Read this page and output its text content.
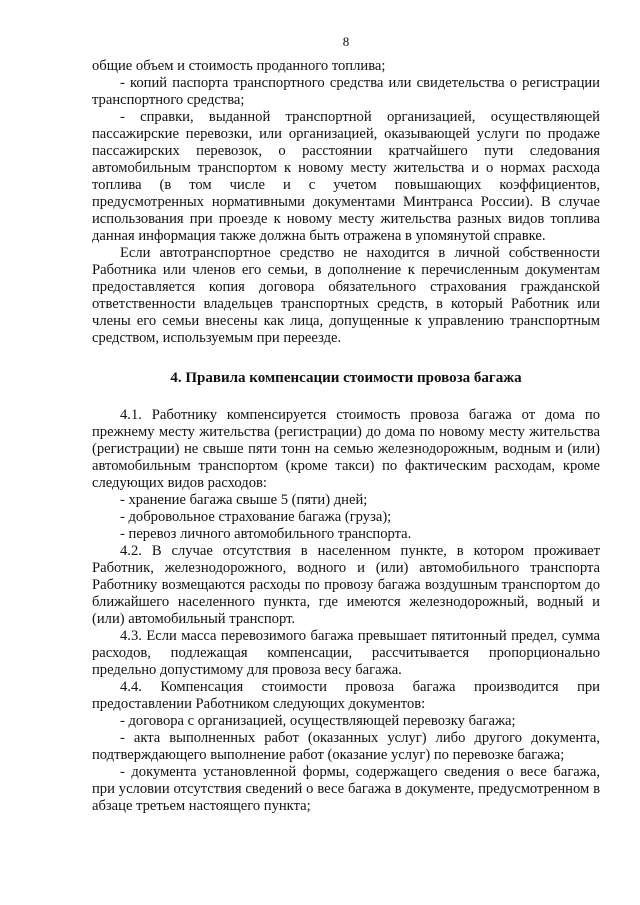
8

общие объем и стоимость проданного топлива;

- копий паспорта транспортного средства или свидетельства о регистрации транспортного средства;

- справки, выданной транспортной организацией, осуществляющей пассажирские перевозки, или организацией, оказывающей услуги по продаже пассажирских перевозок, о расстоянии кратчайшего пути следования автомобильным транспортом к новому месту жительства и о нормах расхода топлива (в том числе и с учетом повышающих коэффициентов, предусмотренных нормативными документами Минтранса России). В случае использования при проезде к новому месту жительства разных видов топлива данная информация также должна быть отражена в упомянутой справке.

Если автотранспортное средство не находится в личной собственности Работника или членов его семьи, в дополнение к перечисленным документам предоставляется копия договора обязательного страхования гражданской ответственности владельцев транспортных средств, в который Работник или члены его семьи внесены как лица, допущенные к управлению транспортным средством, используемым при переезде.

4. Правила компенсации стоимости провоза багажа

4.1. Работнику компенсируется стоимость провоза багажа от дома по прежнему месту жительства (регистрации) до дома по новому месту жительства (регистрации) не свыше пяти тонн на семью железнодорожным, водным и (или) автомобильным транспортом (кроме такси) по фактическим расходам, кроме следующих видов расходов:

- хранение багажа свыше 5 (пяти) дней;

- добровольное страхование багажа (груза);

- перевоз личного автомобильного транспорта.

4.2. В случае отсутствия в населенном пункте, в котором проживает Работник, железнодорожного, водного и (или) автомобильного транспорта Работнику возмещаются расходы по провозу багажа воздушным транспортом до ближайшего населенного пункта, где имеются железнодорожный, водный и (или) автомобильный транспорт.

4.3. Если масса перевозимого багажа превышает пятитонный предел, сумма расходов, подлежащая компенсации, рассчитывается пропорционально предельно допустимому для провоза весу багажа.

4.4. Компенсация стоимости провоза багажа производится при предоставлении Работником следующих документов:

- договора с организацией, осуществляющей перевозку багажа;

- акта выполненных работ (оказанных услуг) либо другого документа, подтверждающего выполнение работ (оказание услуг) по перевозке багажа;

- документа установленной формы, содержащего сведения о весе багажа, при условии отсутствия сведений о весе багажа в документе, предусмотренном в абзаце третьем настоящего пункта;
